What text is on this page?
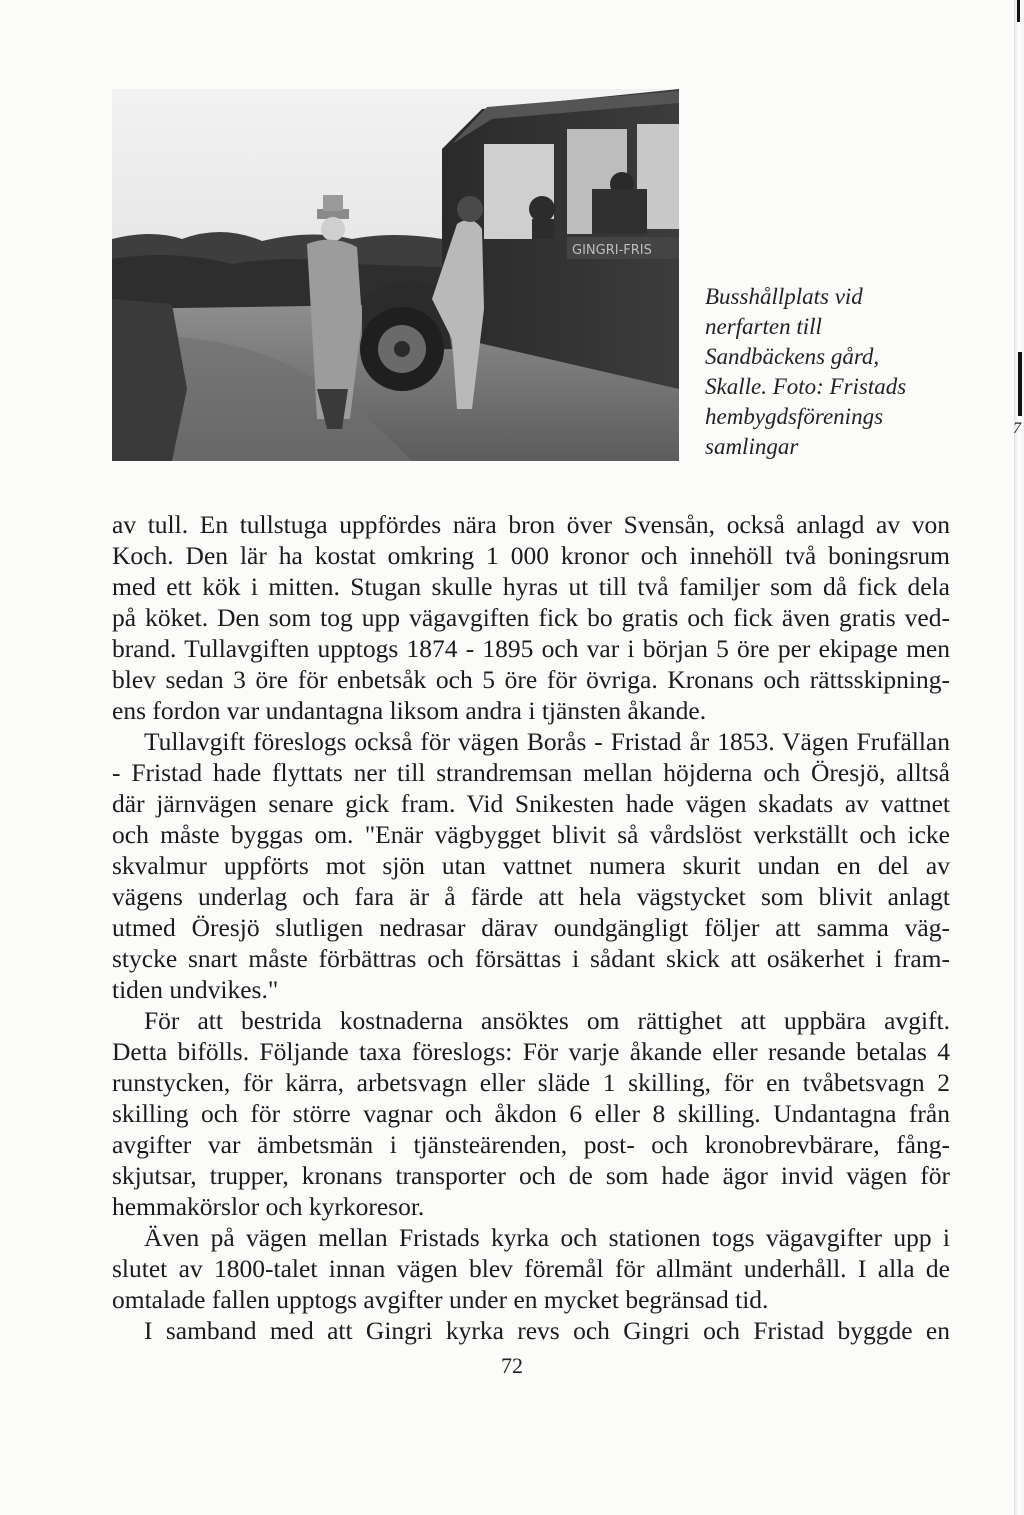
7
GINGRI-FRIS
Busshållplats vid
nerfarten till
Sandbäckens gård,
Skalle. Foto: Fristads
hembygdsförenings
samlingar
av tull. En tullstuga uppfördes nära bron över Svensån, också anlagd av von
Koch. Den lär ha kostat omkring 1 000 kronor och innehöll två boningsrum
med ett kök i mitten. Stugan skulle hyras ut till två familjer som då fick dela
på köket. Den som tog upp vägavgiften fick bo gratis och fick även gratis ved-
brand. Tullavgiften upptogs 1874 - 1895 och var i början 5 öre per ekipage men
blev sedan 3 öre för enbetsåk och 5 öre för övriga. Kronans och rättsskipning-
ens fordon var undantagna liksom andra i tjänsten åkande.
Tullavgift föreslogs också för vägen Borås - Fristad år 1853. Vägen Frufällan
- Fristad hade flyttats ner till strandremsan mellan höjderna och Öresjö, alltså
där järnvägen senare gick fram. Vid Snikesten hade vägen skadats av vattnet
och måste byggas om. "Enär vägbygget blivit så vårdslöst verkställt och icke
skvalmur uppförts mot sjön utan vattnet numera skurit undan en del av
vägens underlag och fara är å färde att hela vägstycket som blivit anlagt
utmed Öresjö slutligen nedrasar därav oundgängligt följer att samma väg-
stycke snart måste förbättras och försättas i sådant skick att osäkerhet i fram-
tiden undvikes."
För att bestrida kostnaderna ansöktes om rättighet att uppbära avgift.
Detta bifölls. Följande taxa föreslogs: För varje åkande eller resande betalas 4
runstycken, för kärra, arbetsvagn eller släde 1 skilling, för en tvåbetsvagn 2
skilling och för större vagnar och åkdon 6 eller 8 skilling. Undantagna från
avgifter var ämbetsmän i tjänsteärenden, post- och kronobrevbärare, fång-
skjutsar, trupper, kronans transporter och de som hade ägor invid vägen för
hemmakörslor och kyrkoresor.
Även på vägen mellan Fristads kyrka och stationen togs vägavgifter upp i
slutet av 1800-talet innan vägen blev föremål för allmänt underhåll. I alla de
omtalade fallen upptogs avgifter under en mycket begränsad tid.
I samband med att Gingri kyrka revs och Gingri och Fristad byggde en
72
